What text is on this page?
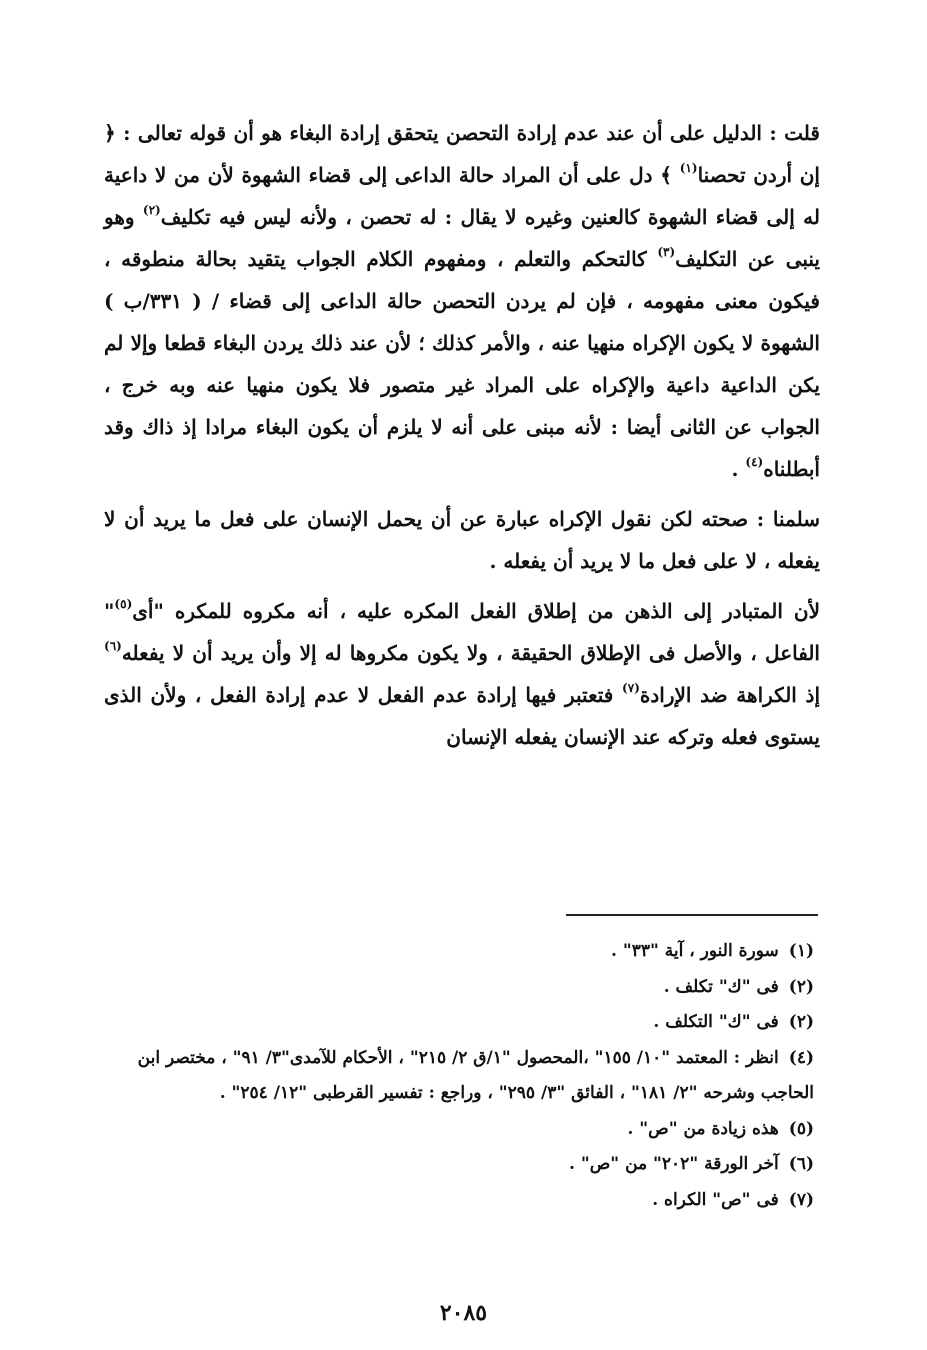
قلت : الدليل على أن عند عدم إرادة التحصن يتحقق إرادة البغاء هو أن قوله تعالى : ﴿ إن أردن تحصنا$^{(١)}$ ﴾ دل على أن المراد حالة الداعى إلى قضاء الشهوة لأن من لا داعية له إلى قضاء الشهوة كالعنين وغيره لا يقال : له تحصن ، ولأنه ليس فيه تكليف$^{(٢)}$ وهو ينبى عن التكليف$^{(٣)}$ كالتحكم والتعلم ، ومفهوم الكلام الجواب يتقيد بحالة منطوقه ، فيكون معنى مفهومه ، فإن لم يردن التحصن حالة الداعى إلى قضاء / ( ٣٣١/ب ) الشهوة لا يكون الإكراه منهيا عنه ، والأمر كذلك ؛ لأن عند ذلك يردن البغاء قطعا وإلا لم يكن الداعية داعية والإكراه على المراد غير متصور فلا يكون منهيا عنه وبه خرج ، الجواب عن الثانى أيضا : لأنه مبنى على أنه لا يلزم أن يكون البغاء مرادا إذ ذاك وقد أبطلناه$^{(٤)}$ .

سلمنا : صحته لكن نقول الإكراه عبارة عن أن يحمل الإنسان على فعل ما يريد أن لا يفعله ، لا على فعل ما لا يريد أن يفعله .

لأن المتبادر إلى الذهن من إطلاق الفعل المكره عليه ، أنه مكروه للمكره "أى$^{(٥)}$" الفاعل ، والأصل فى الإطلاق الحقيقة ، ولا يكون مكروها له إلا وأن يريد أن لا يفعله$^{(٦)}$ إذ الكراهة ضد الإرادة$^{(٧)}$ فتعتبر فيها إرادة عدم الفعل لا عدم إرادة الفعل ، ولأن الذى يستوى فعله وتركه عند الإنسان يفعله الإنسان

(١)سورة النور ، آية "٣٣" .
(٢)فى "ك" تكلف .
(٢)فى "ك" التكلف .
(٤)انظر : المعتمد "١٠/ ١٥٥" ،المحصول "١/ق ٢/ ٢١٥" ، الأحكام للآمدى"٣/ ٩١" ، مختصر ابن الحاجب وشرحه "٢/ ١٨١" ، الفائق "٣/ ٢٩٥" ، وراجع : تفسير القرطبى "١٢/ ٢٥٤" .
(٥)هذه زيادة من "ص" .
(٦)آخر الورقة "٢٠٢" من "ص" .
(٧)فى "ص" الكراه .
٢٠٨٥
